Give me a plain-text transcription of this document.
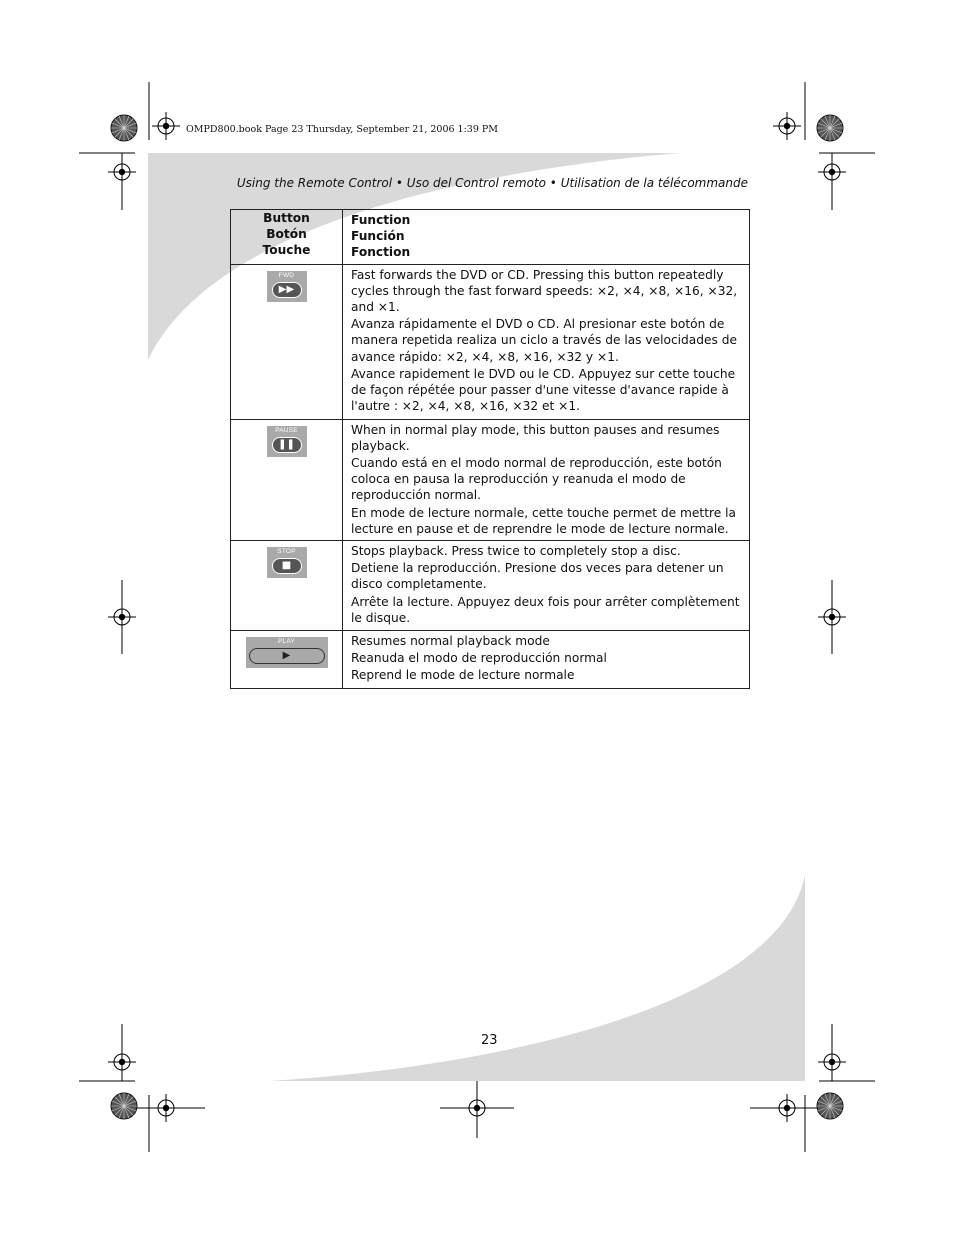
OMPD800.book Page 23 Thursday, September 21, 2006 1:39 PM
Using the Remote Control • Uso del Control remoto • Utilisation de la télécommande
Button
Botón
Touche	Function
Función
Fonction

FWD
▶▶	Fast forwards the DVD or CD. Pressing this button repeatedly cycles through the fast forward speeds: ×2, ×4, ×8, ×16, ×32, and ×1.
Avanza rápidamente el DVD o CD. Al presionar este botón de manera repetida realiza un ciclo a través de las velocidades de avance rápido: ×2, ×4, ×8, ×16, ×32 y ×1.
Avance rapidement le DVD ou le CD. Appuyez sur cette touche de façon répétée pour passer d'une vitesse d'avance rapide à l'autre : ×2, ×4, ×8, ×16, ×32 et ×1.

PAUSE
❚❚	When in normal play mode, this button pauses and resumes playback.
Cuando está en el modo normal de reproducción, este botón coloca en pausa la reproducción y reanuda el modo de reproducción normal.
En mode de lecture normale, cette touche permet de mettre la lecture en pause et de reprendre le mode de lecture normale.

STOP
■	Stops playback. Press twice to completely stop a disc.
Detiene la reproducción. Presione dos veces para detener un disco completamente.
Arrête la lecture. Appuyez deux fois pour arrêter complètement le disque.

PLAY
▶	Resumes normal playback mode
Reanuda el modo de reproducción normal
Reprend le mode de lecture normale
23
